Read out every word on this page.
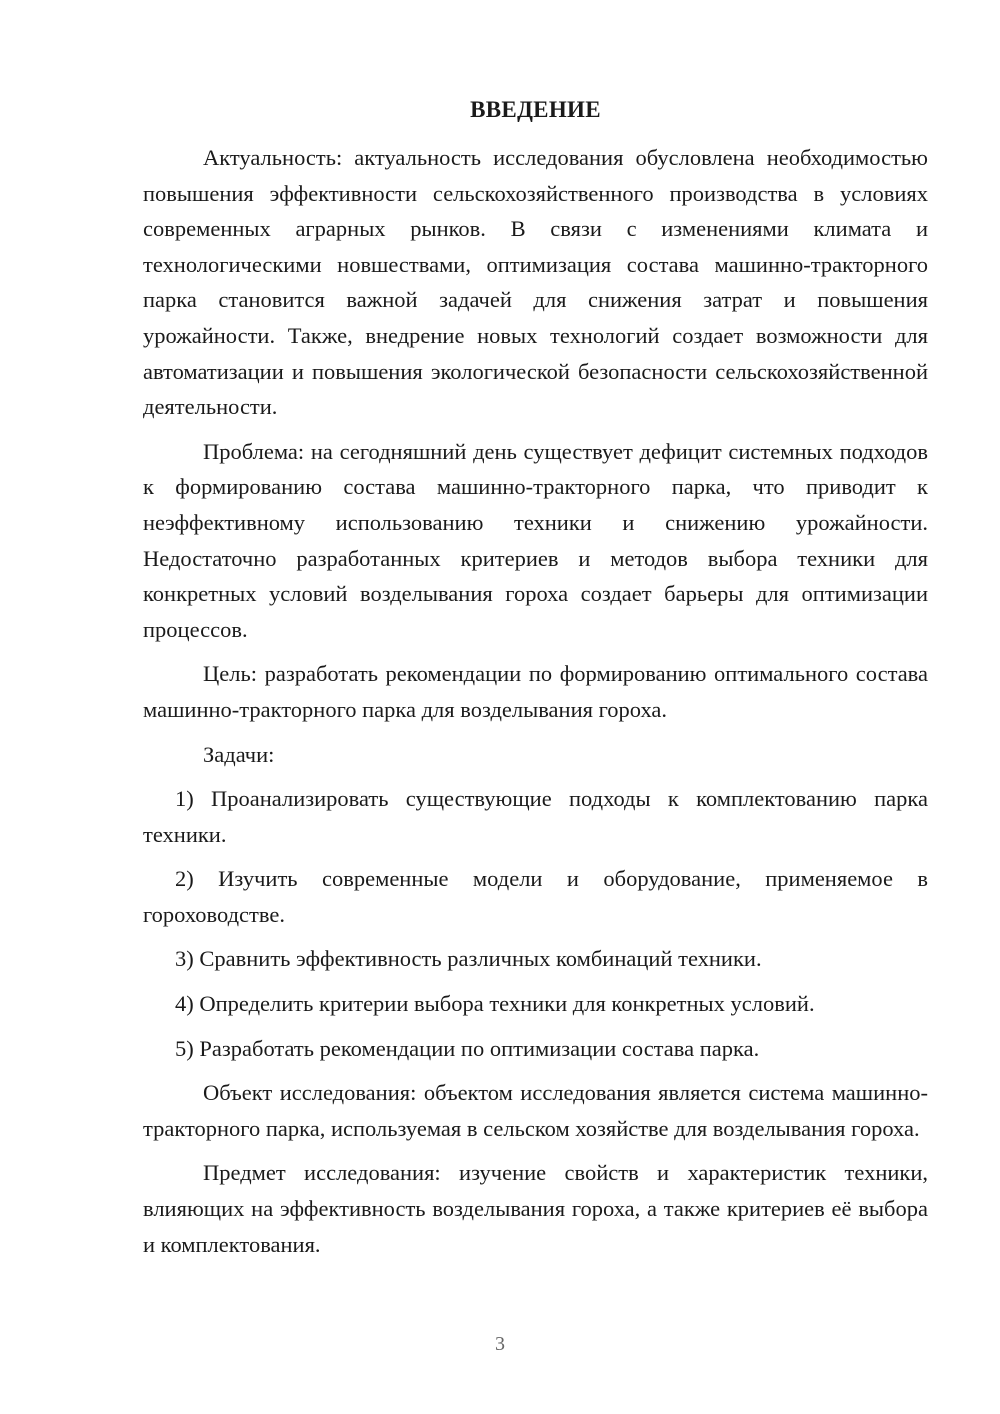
ВВЕДЕНИЕ

Актуальность: актуальность исследования обусловлена необходимостью повышения эффективности сельскохозяйственного производства в условиях современных аграрных рынков. В связи с изменениями климата и технологическими новшествами, оптимизация состава машинно-тракторного парка становится важной задачей для снижения затрат и повышения урожайности. Также, внедрение новых технологий создает возможности для автоматизации и повышения экологической безопасности сельскохозяйственной деятельности.

Проблема: на сегодняшний день существует дефицит системных подходов к формированию состава машинно-тракторного парка, что приводит к неэффективному использованию техники и снижению урожайности. Недостаточно разработанных критериев и методов выбора техники для конкретных условий возделывания гороха создает барьеры для оптимизации процессов.

Цель: разработать рекомендации по формированию оптимального состава машинно-тракторного парка для возделывания гороха.

Задачи:

1) Проанализировать существующие подходы к комплектованию парка техники.

2) Изучить современные модели и оборудование, применяемое в гороховодстве.

3) Сравнить эффективность различных комбинаций техники.

4) Определить критерии выбора техники для конкретных условий.

5) Разработать рекомендации по оптимизации состава парка.

Объект исследования: объектом исследования является система машинно-тракторного парка, используемая в сельском хозяйстве для возделывания гороха.

Предмет исследования: изучение свойств и характеристик техники, влияющих на эффективность возделывания гороха, а также критериев её выбора и комплектования.

3
